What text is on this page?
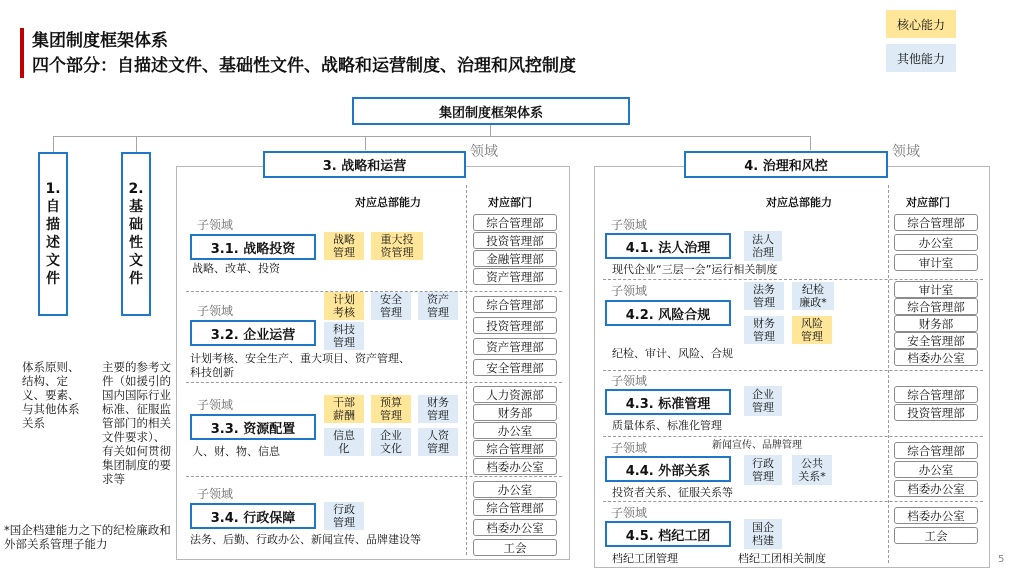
集团制度框架体系
四个部分：自描述文件、基础性文件、战略和运营制度、治理和风控制度
核心能力
其他能力
集团制度框架体系
1.自描述文件
2.基础性文件
体系原则、结构、定义、要素、与其他体系关系
主要的参考文件（如援引的国内国际行业标准、征服监管部门的相关文件要求）、有关如何贯彻集团制度的要求等
*国企档建能力之下的纪检廉政和外部关系管理子能力
3. 战略和运营
领域
对应总部能力	对应部门
子领域
3.1. 战略投资
战略、改革、投资
战略
管理
重大投
资管理
综合管理部
投资管理部
金融管理部
资产管理部
子领域
3.2. 企业运营
计划考核、安全生产、重大项目、资产管理、
科技创新
计划
考核
安全
管理
资产
管理
科技
管理
综合管理部
投资管理部
资产管理部
安全管理部
子领域
3.3. 资源配置
人、财、物、信息
干部
薪酬
预算
管理
财务
管理
信息
化
企业
文化
人资
管理
人力资源部
财务部
办公室
综合管理部
档委办公室
子领域
3.4. 行政保障
法务、后勤、行政办公、新闻宣传、品牌建设等
行政
管理
办公室
综合管理部
档委办公室
工会
4. 治理和风控
领域
对应总部能力	对应部门
子领域
4.1. 法人治理
现代企业“三层一会”运行相关制度
法人
治理
综合管理部
办公室
审计室
子领域
4.2. 风险合规
纪检、审计、风险、合规
法务
管理
纪检
廉政*
财务
管理
风险
管理
审计室
综合管理部
财务部
安全管理部
档委办公室
子领域
4.3. 标准管理
质量体系、标准化管理
企业
管理
综合管理部
投资管理部
子领域	新闻宣传、品牌管理
4.4. 外部关系
投资者关系、征服关系等
行政
管理
公共
关系*
综合管理部
办公室
档委办公室
子领域
4.5. 档纪工团
档纪工团管理	档纪工团相关制度
国企
档建
档委办公室
工会
5
